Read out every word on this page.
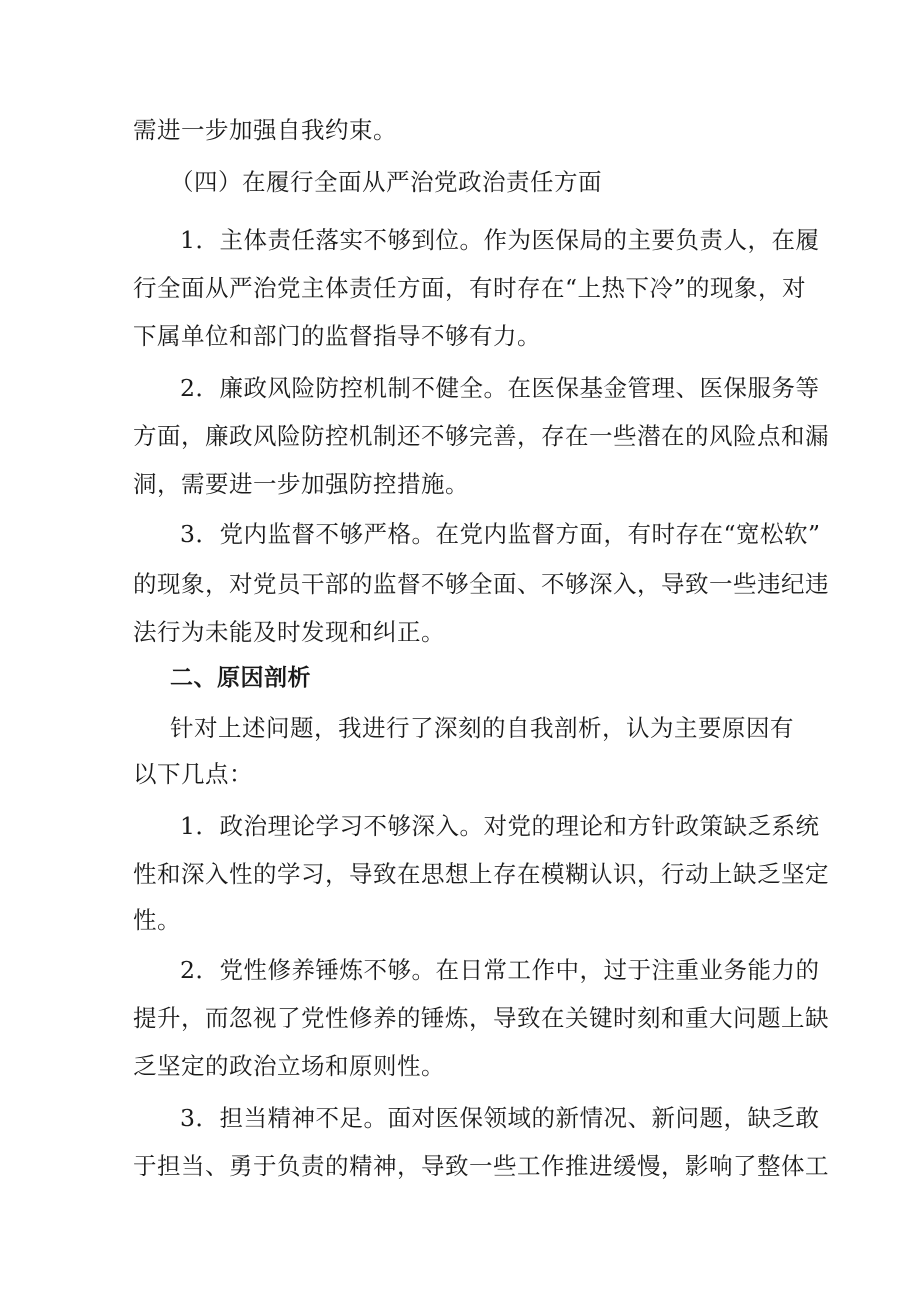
需进一步加强自我约束。
（四）在履行全面从严治党政治责任方面
1．主体责任落实不够到位。作为医保局的主要负责人，在履
行全面从严治党主体责任方面，有时存在“上热下冷”的现象，对
下属单位和部门的监督指导不够有力。
2．廉政风险防控机制不健全。在医保基金管理、医保服务等
方面，廉政风险防控机制还不够完善，存在一些潜在的风险点和漏
洞，需要进一步加强防控措施。
3．党内监督不够严格。在党内监督方面，有时存在“宽松软”
的现象，对党员干部的监督不够全面、不够深入，导致一些违纪违
法行为未能及时发现和纠正。
二、原因剖析
针对上述问题，我进行了深刻的自我剖析，认为主要原因有
以下几点：
1．政治理论学习不够深入。对党的理论和方针政策缺乏系统
性和深入性的学习，导致在思想上存在模糊认识，行动上缺乏坚定
性。
2．党性修养锤炼不够。在日常工作中，过于注重业务能力的
提升，而忽视了党性修养的锤炼，导致在关键时刻和重大问题上缺
乏坚定的政治立场和原则性。
3．担当精神不足。面对医保领域的新情况、新问题，缺乏敢
于担当、勇于负责的精神，导致一些工作推进缓慢，影响了整体工
